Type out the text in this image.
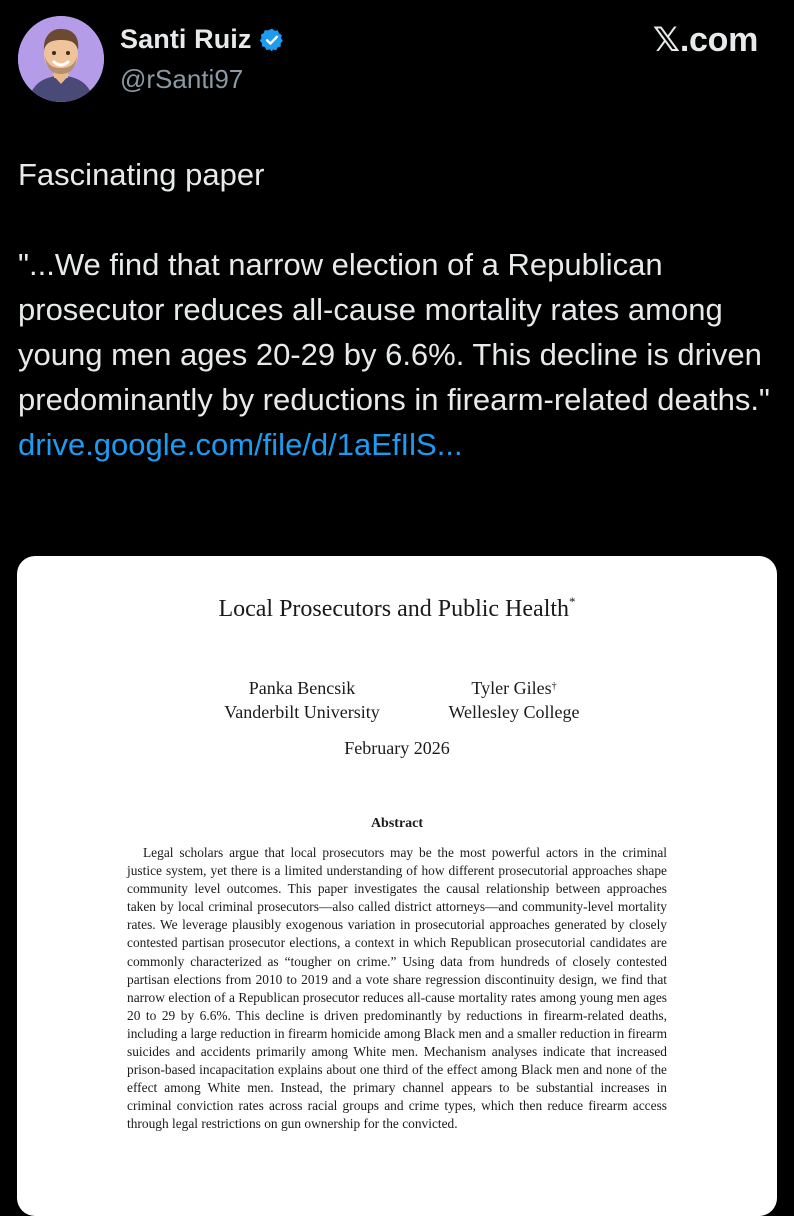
Santi Ruiz
@rSanti97
𝕏.com

Fascinating paper

"...We find that narrow election of a Republican prosecutor reduces all-cause mortality rates among young men ages 20-29 by 6.6%. This decline is driven predominantly by reductions in firearm-related deaths." drive.google.com/file/d/1aEfIlS...

Local Prosecutors and Public Health*
Panka Bencsik
Vanderbilt University
Tyler Giles†
Wellesley College
February 2026
Abstract

Legal scholars argue that local prosecutors may be the most powerful actors in the criminal justice system, yet there is a limited understanding of how different prosecutorial approaches shape community level outcomes. This paper investigates the causal relationship between approaches taken by local criminal prosecutors—also called district attorneys—and community-level mortality rates. We leverage plausibly exogenous variation in prosecutorial approaches generated by closely contested partisan prosecutor elections, a context in which Republican prosecutorial candidates are commonly characterized as “tougher on crime.” Using data from hundreds of closely contested partisan elections from 2010 to 2019 and a vote share regression discontinuity design, we find that narrow election of a Republican prosecutor reduces all-cause mortality rates among young men ages 20 to 29 by 6.6%. This decline is driven predominantly by reductions in firearm-related deaths, including a large reduction in firearm homicide among Black men and a smaller reduction in firearm suicides and accidents primarily among White men. Mechanism analyses indicate that increased prison-based incapacitation explains about one third of the effect among Black men and none of the effect among White men. Instead, the primary channel appears to be substantial increases in criminal conviction rates across racial groups and crime types, which then reduce firearm access through legal restrictions on gun ownership for the convicted.
